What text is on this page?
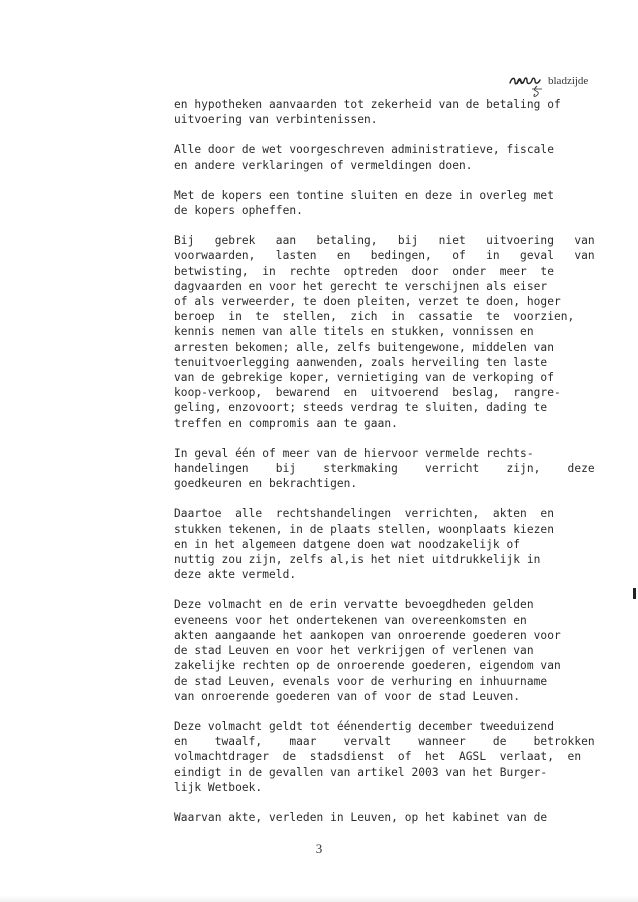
bladzijde

en hypotheken aanvaarden tot zekerheid van de betaling of
uitvoering van verbintenissen.

Alle door de wet voorgeschreven administratieve, fiscale
en andere verklaringen of vermeldingen doen.

Met de kopers een tontine sluiten en deze in overleg met
de kopers opheffen.

Bij   gebrek   aan   betaling,   bij   niet   uitvoering   van
voorwaarden,   lasten   en   bedingen,   of   in   geval   van
betwisting,  in  rechte  optreden  door  onder  meer  te
dagvaarden en voor het gerecht te verschijnen als eiser
of als verweerder, te doen pleiten, verzet te doen, hoger
beroep  in  te  stellen,  zich  in  cassatie  te  voorzien,
kennis nemen van alle titels en stukken, vonnissen en
arresten bekomen; alle, zelfs buitengewone, middelen van
tenuitvoerlegging aanwenden, zoals herveiling ten laste
van de gebrekige koper, vernietiging van de verkoping of
koop-verkoop,  bewarend  en  uitvoerend  beslag,  rangre-
geling, enzovoort; steeds verdrag te sluiten, dading te
treffen en compromis aan te gaan.

In geval één of meer van de hiervoor vermelde rechts-
handelingen    bij    sterkmaking    verricht    zijn,    deze
goedkeuren en bekrachtigen.

Daartoe  alle  rechtshandelingen  verrichten,  akten  en
stukken tekenen, in de plaats stellen, woonplaats kiezen
en in het algemeen datgene doen wat noodzakelijk of
nuttig zou zijn, zelfs al,is het niet uitdrukkelijk in
deze akte vermeld.

Deze volmacht en de erin vervatte bevoegdheden gelden
eveneens voor het ondertekenen van overeenkomsten en
akten aangaande het aankopen van onroerende goederen voor
de stad Leuven en voor het verkrijgen of verlenen van
zakelijke rechten op de onroerende goederen, eigendom van
de stad Leuven, evenals voor de verhuring en inhuurname
van onroerende goederen van of voor de stad Leuven.

Deze volmacht geldt tot éénendertig december tweeduizend
en    twaalf,    maar    vervalt    wanneer    de    betrokken
volmachtdrager  de  stadsdienst  of  het  AGSL  verlaat,  en
eindigt in de gevallen van artikel 2003 van het Burger-
lijk Wetboek.

Waarvan akte, verleden in Leuven, op het kabinet van de

3
